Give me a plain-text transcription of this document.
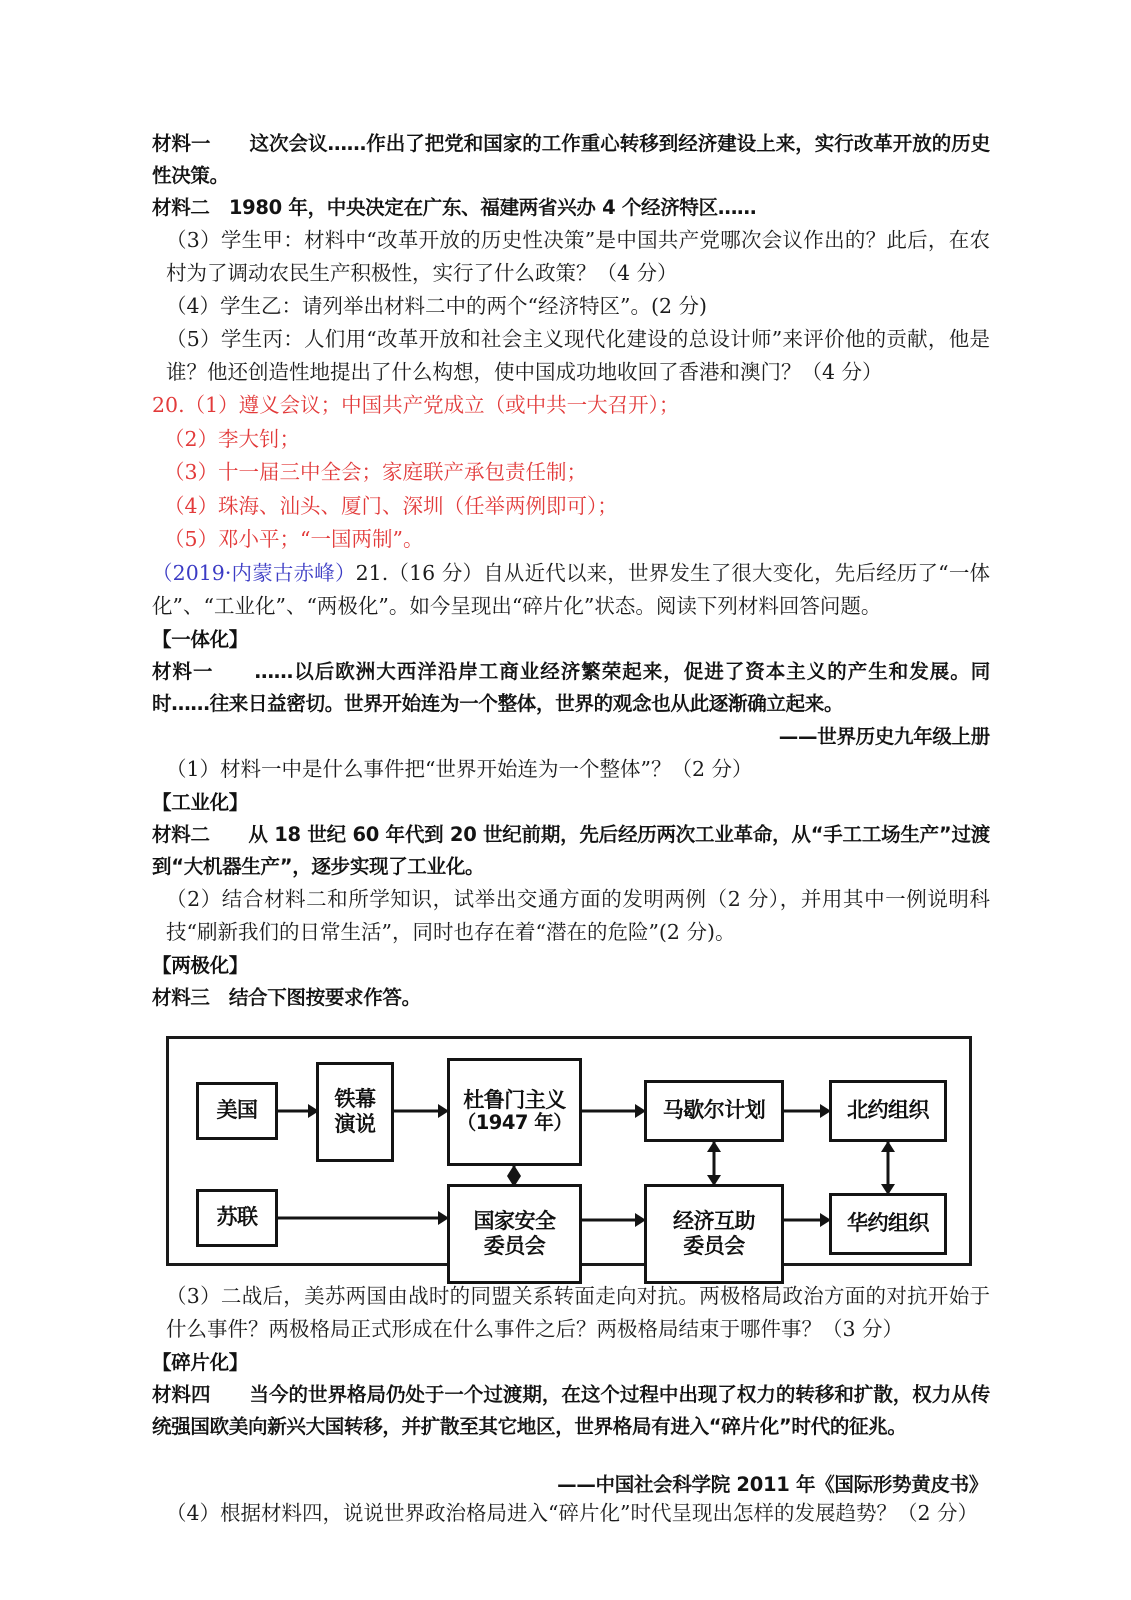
材料一　　 这次会议……作出了把党和国家的工作重心转移到经济建设上来，实行改革开放的历史性决策。

材料二　 1980 年，中央决定在广东、福建两省兴办 4 个经济特区……

（3）学生甲：材料中“改革开放的历史性决策”是中国共产党哪次会议作出的？此后，在农村为了调动农民生产积极性，实行了什么政策？（4 分）

（4）学生乙：请列举出材料二中的两个“经济特区”。(2 分)

（5）学生丙：人们用“改革开放和社会主义现代化建设的总设计师”来评价他的贡献，他是谁？他还创造性地提出了什么构想，使中国成功地收回了香港和澳门？（4 分）

20.（1）遵义会议；中国共产党成立（或中共一大召开）；

（2）李大钊；

（3）十一届三中全会；家庭联产承包责任制；

（4）珠海、汕头、厦门、深圳（任举两例即可）；

（5）邓小平；“一国两制”。

（2019·内蒙古赤峰）21.（16 分）自从近代以来，世界发生了很大变化，先后经历了“一体化”、“工业化”、“两极化”。如今呈现出“碎片化”状态。阅读下列材料回答问题。

【一体化】

材料一　　 ……以后欧洲大西洋沿岸工商业经济繁荣起来，促进了资本主义的产生和发展。同时……往来日益密切。世界开始连为一个整体，世界的观念也从此逐渐确立起来。

——世界历史九年级上册

（1）材料一中是什么事件把“世界开始连为一个整体”？（2 分）

【工业化】

材料二　　 从 18 世纪 60 年代到 20 世纪前期，先后经历两次工业革命，从“手工工场生产”过渡到“大机器生产”，逐步实现了工业化。

（2）结合材料二和所学知识，试举出交通方面的发明两例（2 分），并用其中一例说明科技“刷新我们的日常生活”，同时也存在着“潜在的危险”(2 分)。

【两极化】

材料三　 结合下图按要求作答。

美国	铁幕
演说
杜鲁门主义
（1947 年）
马歇尔计划	北约组织
苏联	国家安全
委员会
经济互助
委员会
华约组织

（3）二战后，美苏两国由战时的同盟关系转面走向对抗。两极格局政治方面的对抗开始于什么事件？两极格局正式形成在什么事件之后？两极格局结束于哪件事？（3 分）

【碎片化】

材料四　　 当今的世界格局仍处于一个过渡期，在这个过程中出现了权力的转移和扩散，权力从传统强国欧美向新兴大国转移，并扩散至其它地区，世界格局有进入“碎片化”时代的征兆。

——中国社会科学院 2011 年《国际形势黄皮书》

（4）根据材料四，说说世界政治格局进入“碎片化”时代呈现出怎样的发展趋势？（2 分）
